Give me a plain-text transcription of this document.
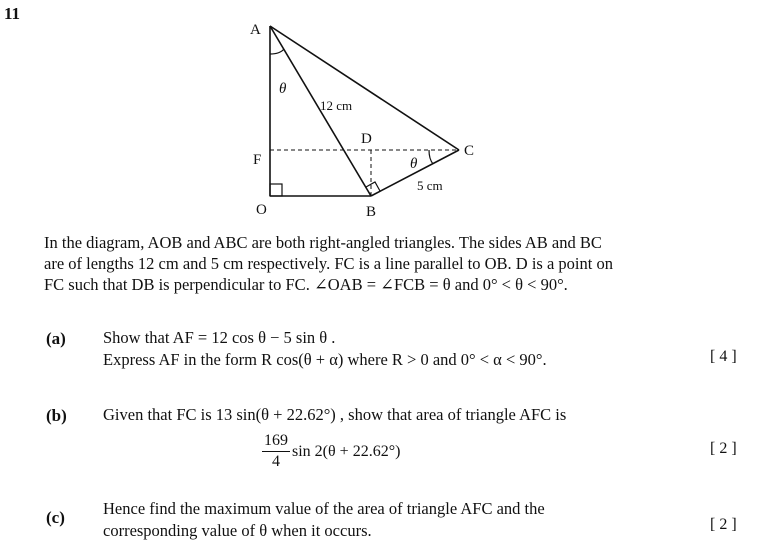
11
A
C
D
F
O	B
θ
θ
12 cm
5 cm
In the diagram, AOB and ABC are both right-angled triangles. The sides AB and BC
are of lengths 12 cm and 5 cm respectively. FC is a line parallel to OB. D is a point on
FC such that DB is perpendicular to FC. ∠OAB = ∠FCB = θ and 0° < θ < 90°.
(a) Show that AF = 12 cos θ − 5 sin θ .
Express AF in the form R cos(θ + α) where R > 0 and 0° < α < 90°.	[ 4 ]
(b) Given that FC is 13 sin(θ + 22.62°) , show that area of triangle AFC is
$\frac{169}{4}$ sin 2(θ + 22.62°)	[ 2 ]
(c) Hence find the maximum value of the area of triangle AFC and the
corresponding value of θ when it occurs.	[ 2 ]
